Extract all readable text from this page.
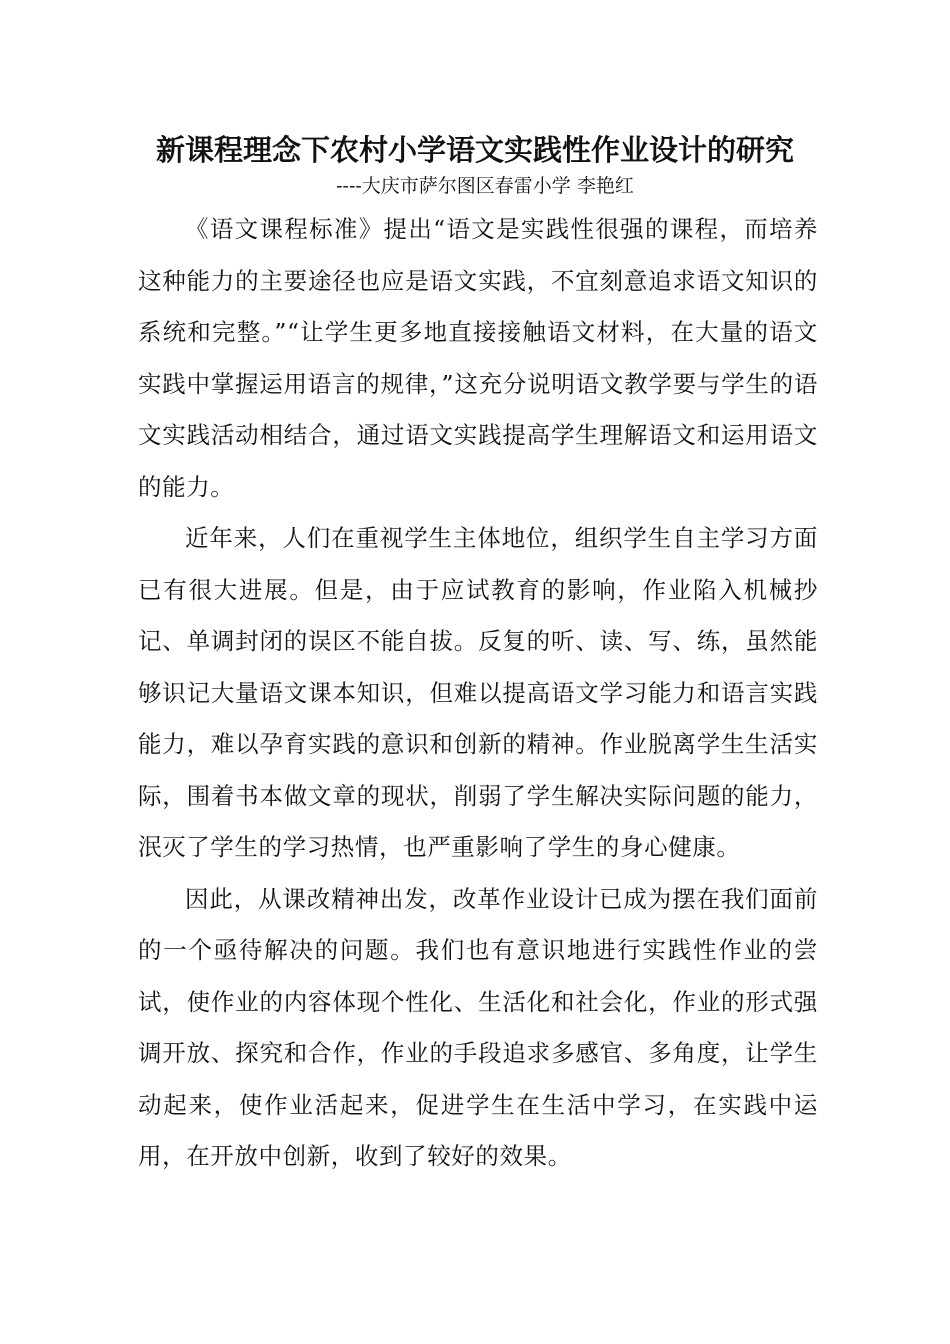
新课程理念下农村小学语文实践性作业设计的研究
----大庆市萨尔图区春雷小学 李艳红

《语文课程标准》提出“语文是实践性很强的课程，而培养这种能力的主要途径也应是语文实践，不宜刻意追求语文知识的系统和完整。”“让学生更多地直接接触语文材料，在大量的语文实践中掌握运用语言的规律，”这充分说明语文教学要与学生的语文实践活动相结合，通过语文实践提高学生理解语文和运用语文的能力。

近年来，人们在重视学生主体地位，组织学生自主学习方面已有很大进展。但是，由于应试教育的影响，作业陷入机械抄记、单调封闭的误区不能自拔。反复的听、读、写、练，虽然能够识记大量语文课本知识，但难以提高语文学习能力和语言实践能力，难以孕育实践的意识和创新的精神。作业脱离学生生活实际，围着书本做文章的现状，削弱了学生解决实际问题的能力，泯灭了学生的学习热情，也严重影响了学生的身心健康。

因此，从课改精神出发，改革作业设计已成为摆在我们面前的一个亟待解决的问题。我们也有意识地进行实践性作业的尝试，使作业的内容体现个性化、生活化和社会化，作业的形式强调开放、探究和合作，作业的手段追求多感官、多角度，让学生动起来，使作业活起来，促进学生在生活中学习，在实践中运用，在开放中创新，收到了较好的效果。
